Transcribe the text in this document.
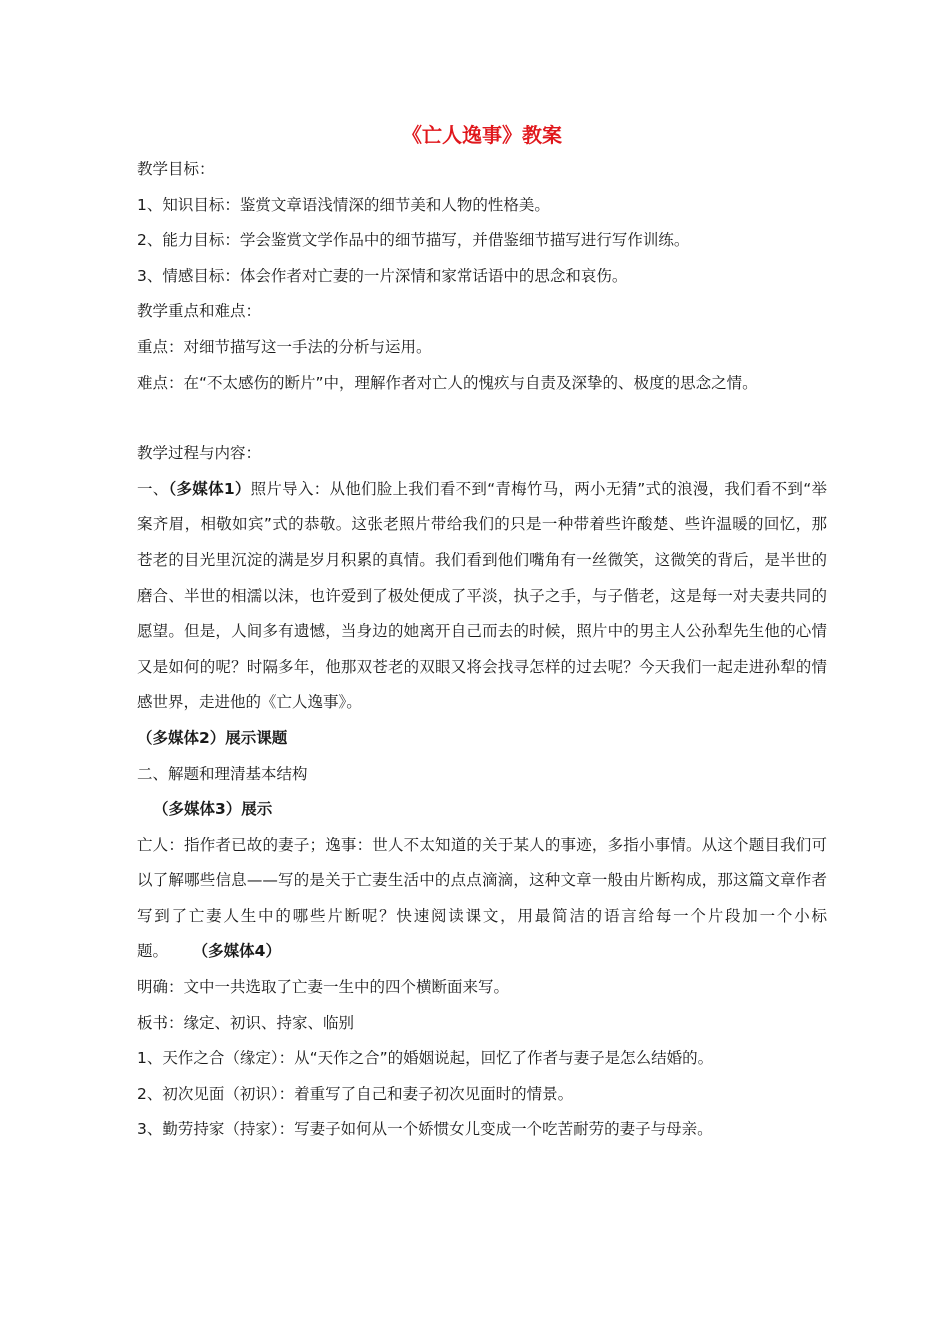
《亡人逸事》教案

教学目标：

1、知识目标：鉴赏文章语浅情深的细节美和人物的性格美。

2、能力目标：学会鉴赏文学作品中的细节描写，并借鉴细节描写进行写作训练。

3、情感目标：体会作者对亡妻的一片深情和家常话语中的思念和哀伤。

教学重点和难点：

重点：对细节描写这一手法的分析与运用。

难点：在“不太感伤的断片”中，理解作者对亡人的愧疚与自责及深挚的、极度的思念之情。

教学过程与内容：

一、（多媒体1）照片导入：从他们脸上我们看不到“青梅竹马，两小无猜”式的浪漫，我们看不到“举案齐眉，相敬如宾”式的恭敬。这张老照片带给我们的只是一种带着些许酸楚、些许温暖的回忆，那苍老的目光里沉淀的满是岁月积累的真情。我们看到他们嘴角有一丝微笑，这微笑的背后，是半世的磨合、半世的相濡以沫，也许爱到了极处便成了平淡，执子之手，与子偕老，这是每一对夫妻共同的愿望。但是，人间多有遗憾，当身边的她离开自己而去的时候，照片中的男主人公孙犁先生他的心情又是如何的呢？时隔多年，他那双苍老的双眼又将会找寻怎样的过去呢？今天我们一起走进孙犁的情感世界，走进他的《亡人逸事》。

（多媒体2）展示课题

二、解题和理清基本结构

（多媒体3）展示

亡人：指作者已故的妻子；逸事：世人不太知道的关于某人的事迹，多指小事情。从这个题目我们可以了解哪些信息——写的是关于亡妻生活中的点点滴滴，这种文章一般由片断构成，那这篇文章作者写到了亡妻人生中的哪些片断呢？快速阅读课文，用最简洁的语言给每一个片段加一个小标题。 （多媒体4）

明确：文中一共选取了亡妻一生中的四个横断面来写。

板书：缘定、初识、持家、临别

1、天作之合（缘定）：从“天作之合”的婚姻说起，回忆了作者与妻子是怎么结婚的。

2、初次见面（初识）：着重写了自己和妻子初次见面时的情景。

3、勤劳持家（持家）：写妻子如何从一个娇惯女儿变成一个吃苦耐劳的妻子与母亲。
